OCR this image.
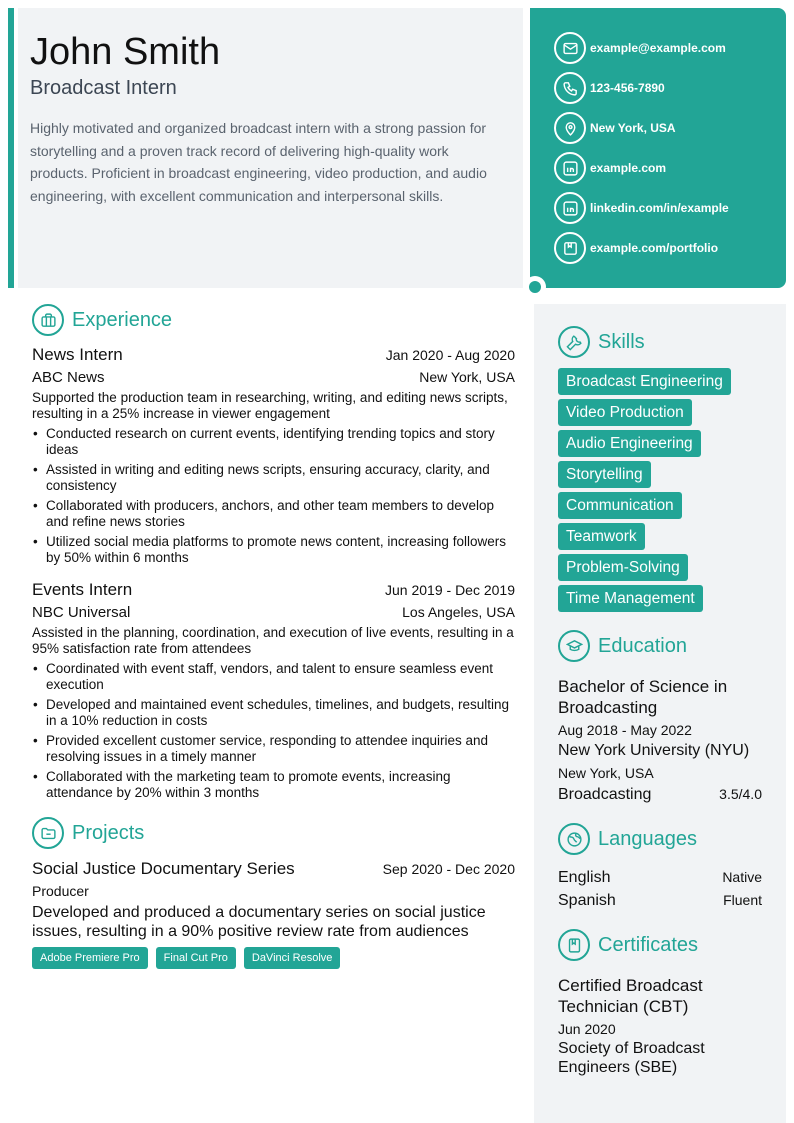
John Smith
Broadcast Intern

Highly motivated and organized broadcast intern with a strong passion for storytelling and a proven track record of delivering high-quality work products. Proficient in broadcast engineering, video production, and audio engineering, with excellent communication and interpersonal skills.

example@example.com
123-456-7890
New York, USA
example.com
linkedin.com/in/example
example.com/portfolio
Experience
News Intern	Jan 2020 - Aug 2020
ABC News	New York, USA

Supported the production team in researching, writing, and editing news scripts, resulting in a 25% increase in viewer engagement

• Conducted research on current events, identifying trending topics and story ideas
• Assisted in writing and editing news scripts, ensuring accuracy, clarity, and consistency
• Collaborated with producers, anchors, and other team members to develop and refine news stories
• Utilized social media platforms to promote news content, increasing followers by 50% within 6 months
Events Intern	Jun 2019 - Dec 2019
NBC Universal	Los Angeles, USA

Assisted in the planning, coordination, and execution of live events, resulting in a 95% satisfaction rate from attendees

• Coordinated with event staff, vendors, and talent to ensure seamless event execution
• Developed and maintained event schedules, timelines, and budgets, resulting in a 10% reduction in costs
• Provided excellent customer service, responding to attendee inquiries and resolving issues in a timely manner
• Collaborated with the marketing team to promote events, increasing attendance by 20% within 3 months
Projects
Social Justice Documentary Series	Sep 2020 - Dec 2020
Producer

Developed and produced a documentary series on social justice issues, resulting in a 90% positive review rate from audiences

Adobe Premiere Pro	Final Cut Pro	DaVinci Resolve
Skills
Broadcast Engineering
Video Production
Audio Engineering
Storytelling
Communication
Teamwork
Problem-Solving
Time Management
Education
Bachelor of Science in Broadcasting
Aug 2018 - May 2022
New York University (NYU)
New York, USA
Broadcasting	3.5/4.0
Languages
English	Native
Spanish	Fluent
Certificates
Certified Broadcast Technician (CBT)
Jun 2020
Society of Broadcast Engineers (SBE)
